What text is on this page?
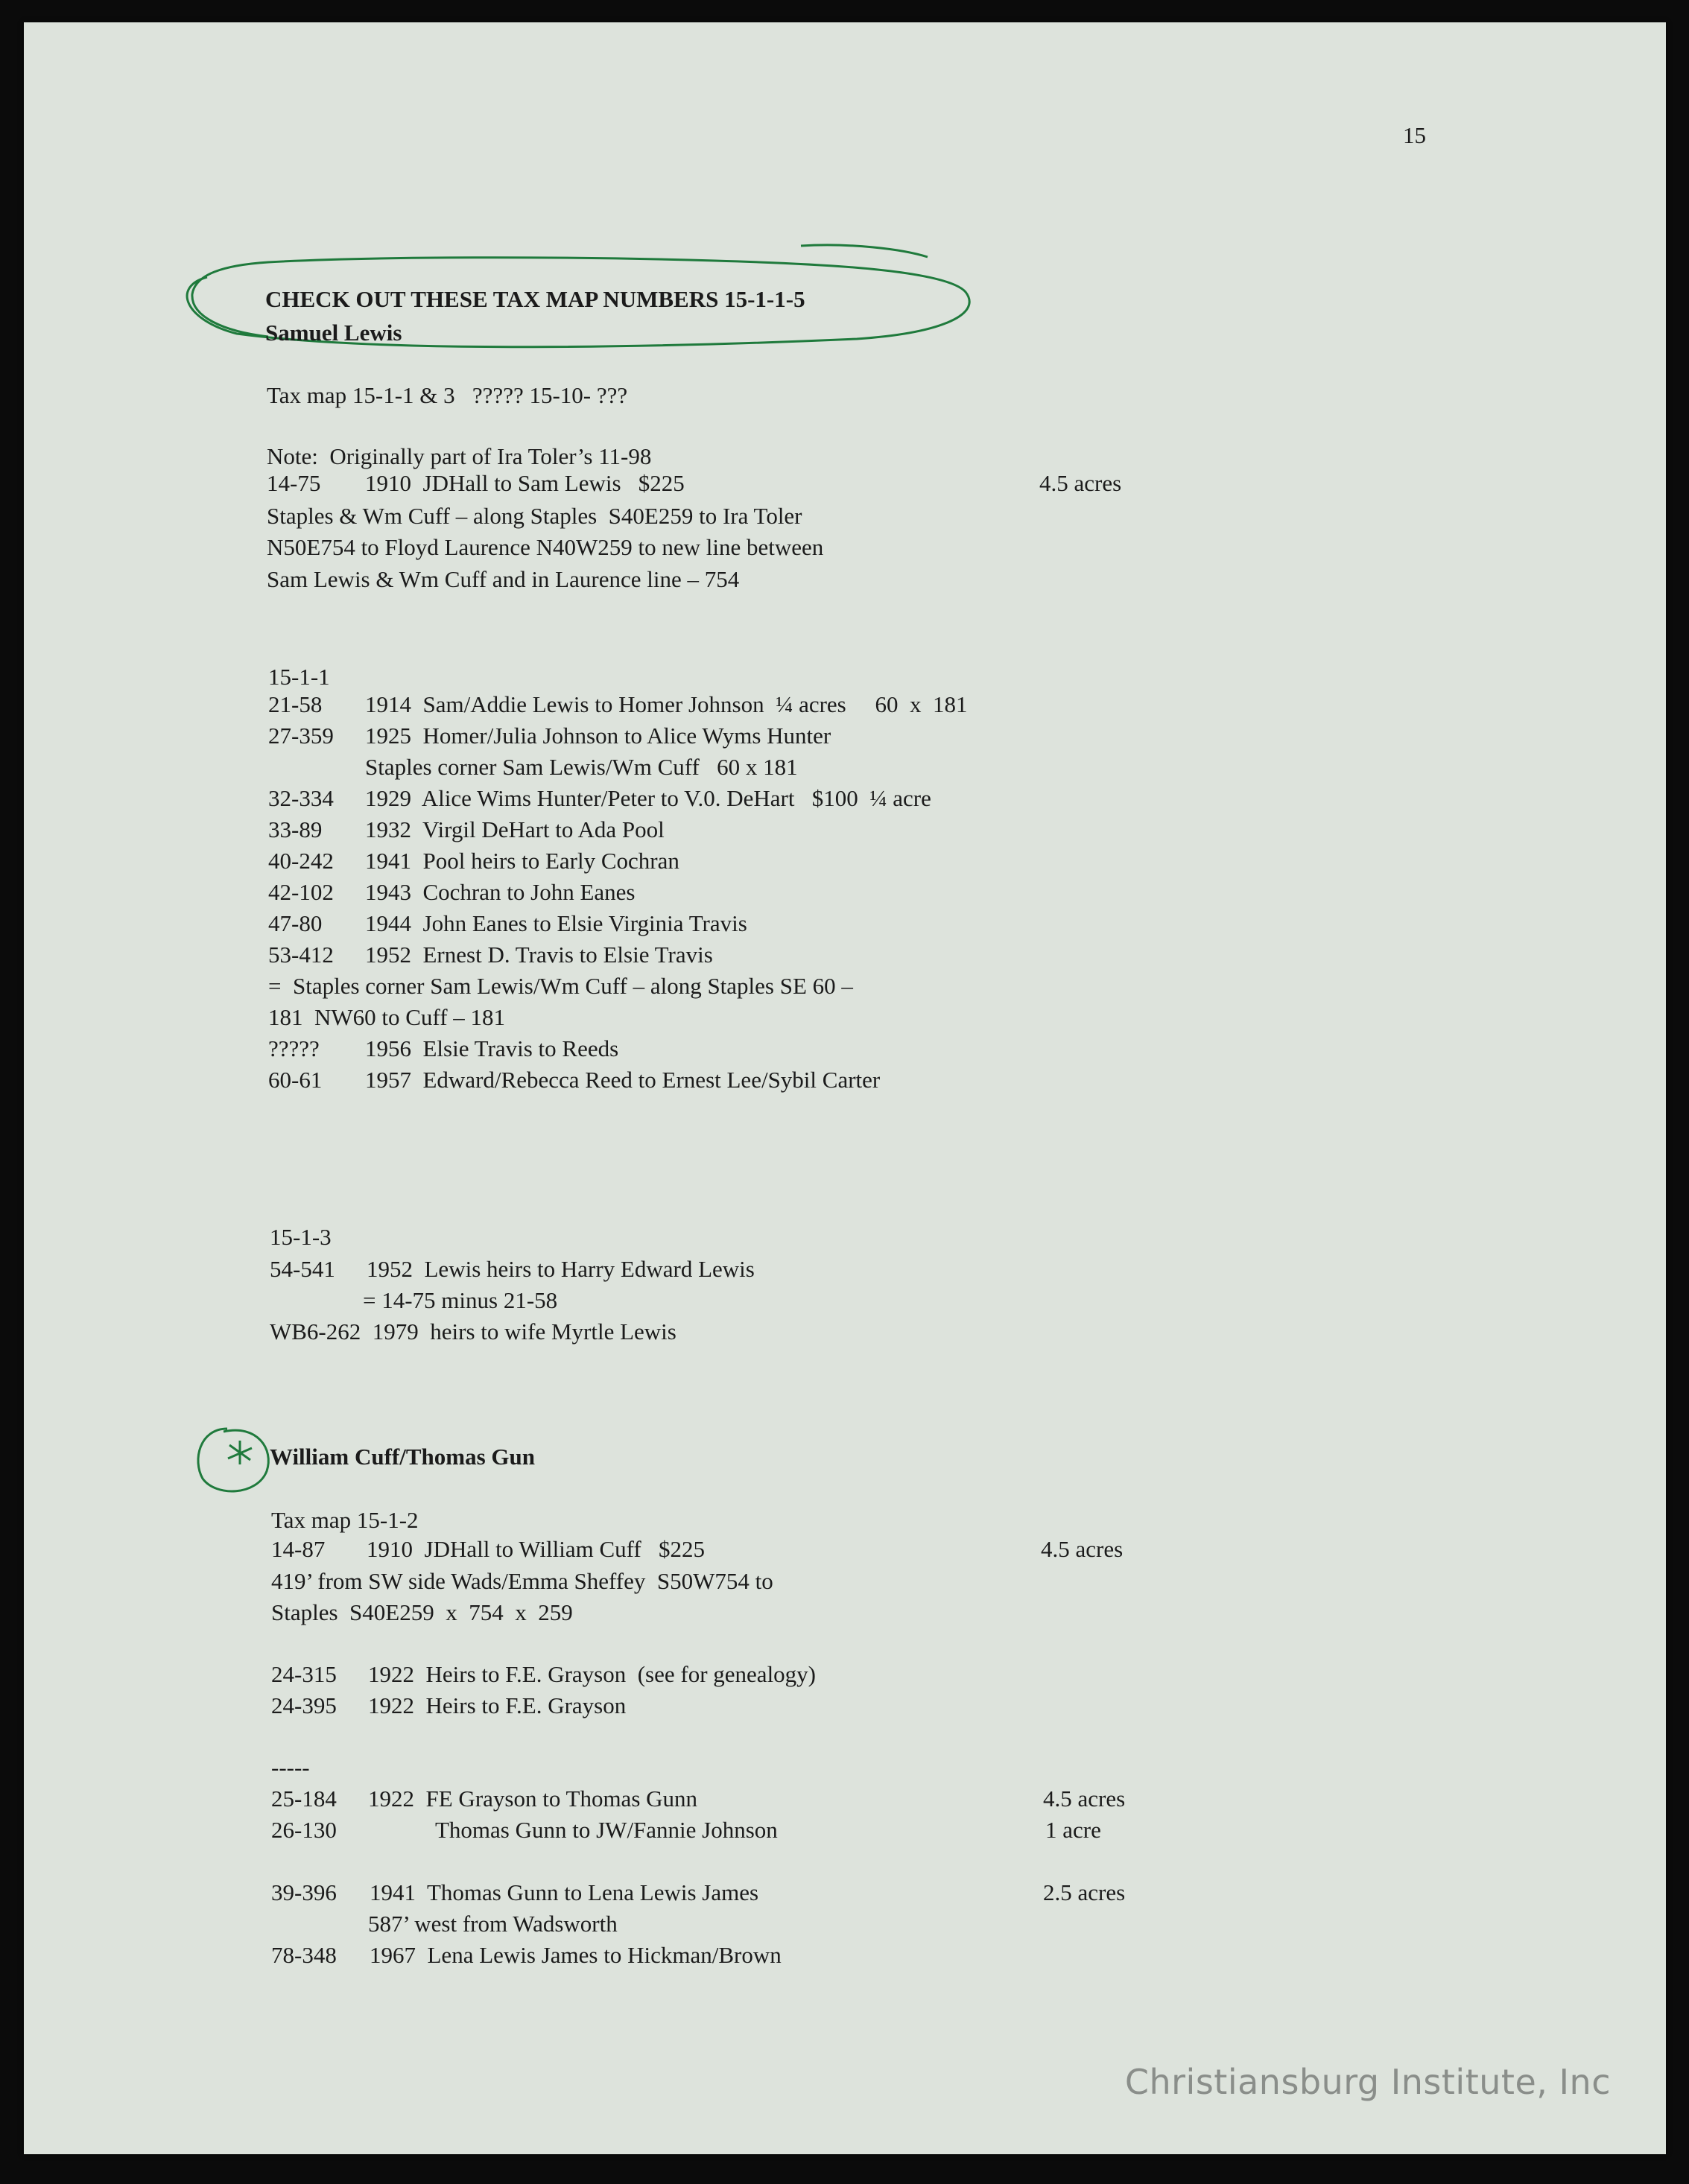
15
CHECK OUT THESE TAX MAP NUMBERS 15-1-1-5
Samuel Lewis
Tax map 15-1-1 & 3   ????? 15-10- ???
Note:  Originally part of Ira Toler’s 11-98
14-75 1910  JDHall to Sam Lewis   $225	4.5 acres
Staples & Wm Cuff – along Staples  S40E259 to Ira Toler
N50E754 to Floyd Laurence N40W259 to new line between
Sam Lewis & Wm Cuff and in Laurence line – 754
15-1-1
21-58 1914  Sam/Addie Lewis to Homer Johnson  ¼ acres     60  x  181
27-359 1925  Homer/Julia Johnson to Alice Wyms Hunter
Staples corner Sam Lewis/Wm Cuff   60 x 181
32-334 1929  Alice Wims Hunter/Peter to V.0. DeHart   $100  ¼ acre
33-89 1932  Virgil DeHart to Ada Pool
40-242 1941  Pool heirs to Early Cochran
42-102 1943  Cochran to John Eanes
47-80 1944  John Eanes to Elsie Virginia Travis
53-412 1952  Ernest D. Travis to Elsie Travis
=  Staples corner Sam Lewis/Wm Cuff – along Staples SE 60 –
181  NW60 to Cuff – 181
????? 1956  Elsie Travis to Reeds
60-61 1957  Edward/Rebecca Reed to Ernest Lee/Sybil Carter
15-1-3
54-541 1952  Lewis heirs to Harry Edward Lewis
= 14-75 minus 21-58
WB6-262  1979  heirs to wife Myrtle Lewis
William Cuff/Thomas Gun
Tax map 15-1-2
14-87 1910  JDHall to William Cuff   $225	4.5 acres
419’ from SW side Wads/Emma Sheffey  S50W754 to
Staples  S40E259  x  754  x  259
24-315 1922  Heirs to F.E. Grayson  (see for genealogy)
24-395 1922  Heirs to F.E. Grayson
-----
25-184 1922  FE Grayson to Thomas Gunn	4.5 acres
26-130	Thomas Gunn to JW/Fannie Johnson	1 acre
39-396 1941  Thomas Gunn to Lena Lewis James	2.5 acres
587’ west from Wadsworth
78-348 1967  Lena Lewis James to Hickman/Brown
Christiansburg Institute, Inc
